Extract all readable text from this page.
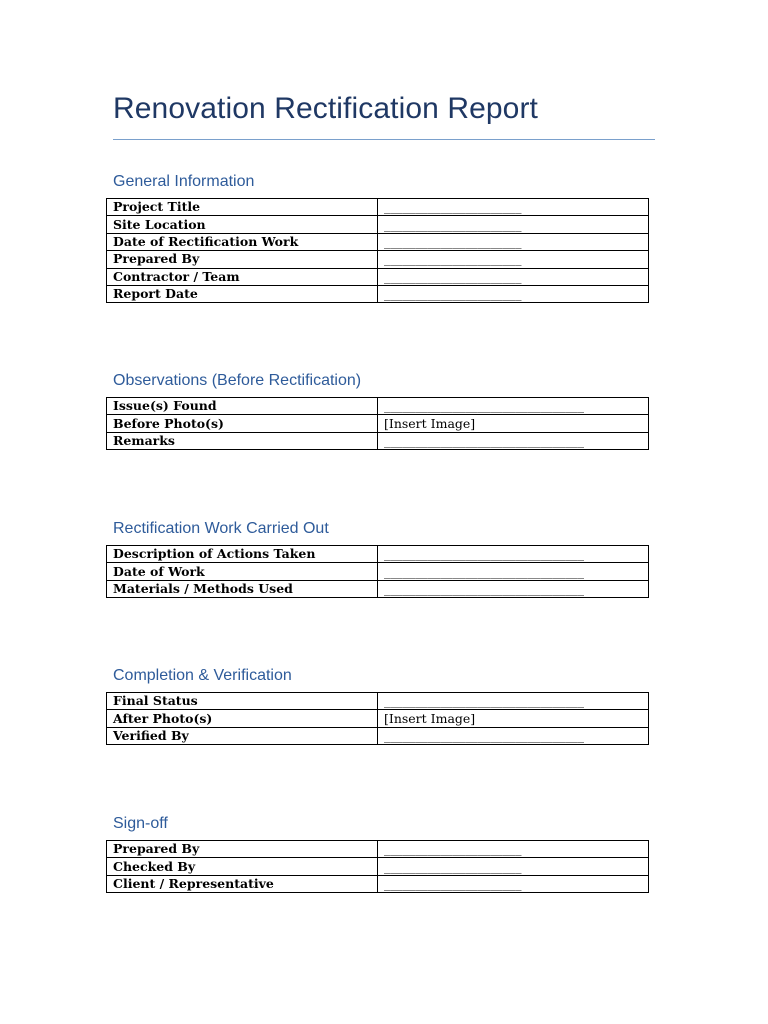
Renovation Rectification Report
General Information
Project Title	______________________
Site Location	______________________
Date of Rectification Work	______________________
Prepared By	______________________
Contractor / Team	______________________
Report Date	______________________
Observations (Before Rectification)
Issue(s) Found	________________________________
Before Photo(s)	[Insert Image]
Remarks	________________________________
Rectification Work Carried Out
Description of Actions Taken	________________________________
Date of Work	________________________________
Materials / Methods Used	________________________________
Completion & Verification
Final Status	________________________________
After Photo(s)	[Insert Image]
Verified By	________________________________
Sign-off
Prepared By	______________________
Checked By	______________________
Client / Representative	______________________
